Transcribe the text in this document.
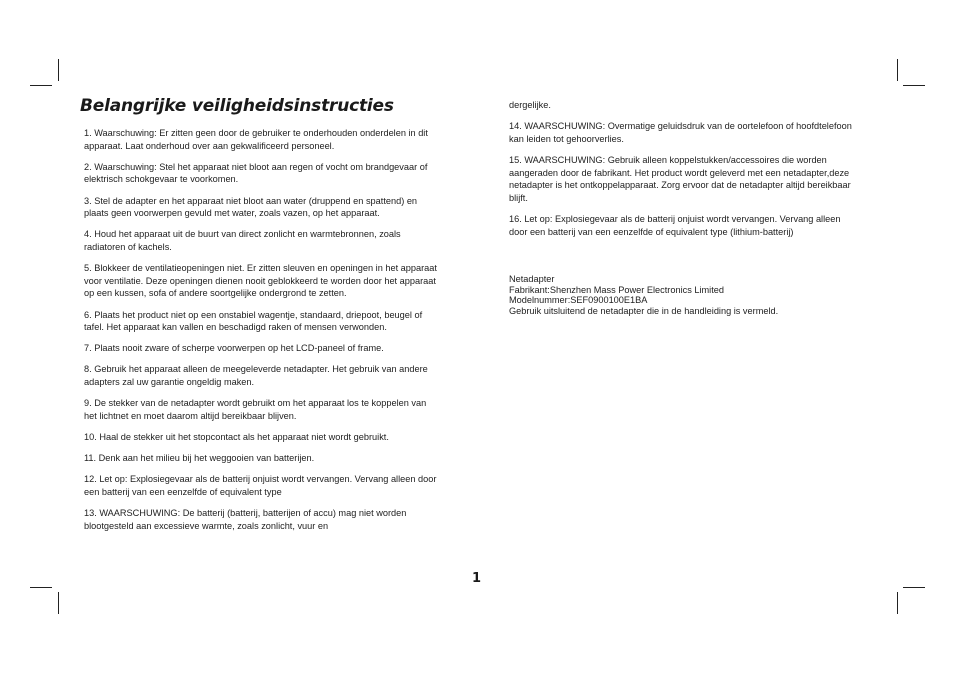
Belangrijke veiligheidsinstructies

1. Waarschuwing: Er zitten geen door de gebruiker te onderhouden onderdelen in dit apparaat. Laat onderhoud over aan gekwalificeerd personeel.

2. Waarschuwing: Stel het apparaat niet bloot aan regen of vocht om brandgevaar of elektrisch schokgevaar te voorkomen.

3. Stel de adapter en het apparaat niet bloot aan water (druppend en spattend) en plaats geen voorwerpen gevuld met water, zoals vazen, op het apparaat.

4. Houd het apparaat uit de buurt van direct zonlicht en warmtebronnen, zoals radiatoren of kachels.

5. Blokkeer de ventilatieopeningen niet. Er zitten sleuven en openingen in het apparaat voor ventilatie. Deze openingen dienen nooit geblokkeerd te worden door het apparaat op een kussen, sofa of andere soortgelijke ondergrond te zetten.

6. Plaats het product niet op een onstabiel wagentje, standaard, driepoot, beugel of tafel. Het apparaat kan vallen en beschadigd raken of mensen verwonden.

7. Plaats nooit zware of scherpe voorwerpen op het LCD-paneel of frame.

8. Gebruik het apparaat alleen de meegeleverde netadapter. Het gebruik van andere adapters zal uw garantie ongeldig maken.

9. De stekker van de netadapter wordt gebruikt om het apparaat los te koppelen van het lichtnet en moet daarom altijd bereikbaar blijven.

10. Haal de stekker uit het stopcontact als het apparaat niet wordt gebruikt.

11. Denk aan het milieu bij het weggooien van batterijen.

12. Let op: Explosiegevaar als de batterij onjuist wordt vervangen. Vervang alleen door een batterij van een eenzelfde of equivalent type

13. WAARSCHUWING: De batterij (batterij, batterijen of accu) mag niet worden blootgesteld aan excessieve warmte, zoals zonlicht, vuur en

dergelijke.

14. WAARSCHUWING: Overmatige geluidsdruk van de oortelefoon of hoofdtelefoon kan leiden tot gehoorverlies.

15. WAARSCHUWING: Gebruik alleen koppelstukken/accessoires die worden aangeraden door de fabrikant. Het product wordt geleverd met een netadapter,deze netadapter is het ontkoppelapparaat. Zorg ervoor dat de netadapter altijd bereikbaar blijft.

16. Let op: Explosiegevaar als de batterij onjuist wordt vervangen. Vervang alleen door een batterij van een eenzelfde of equivalent type (lithium-batterij)

Netadapter
Fabrikant:Shenzhen Mass Power Electronics Limited
Modelnummer:SEF0900100E1BA
Gebruik uitsluitend de netadapter die in de handleiding is vermeld.
1
